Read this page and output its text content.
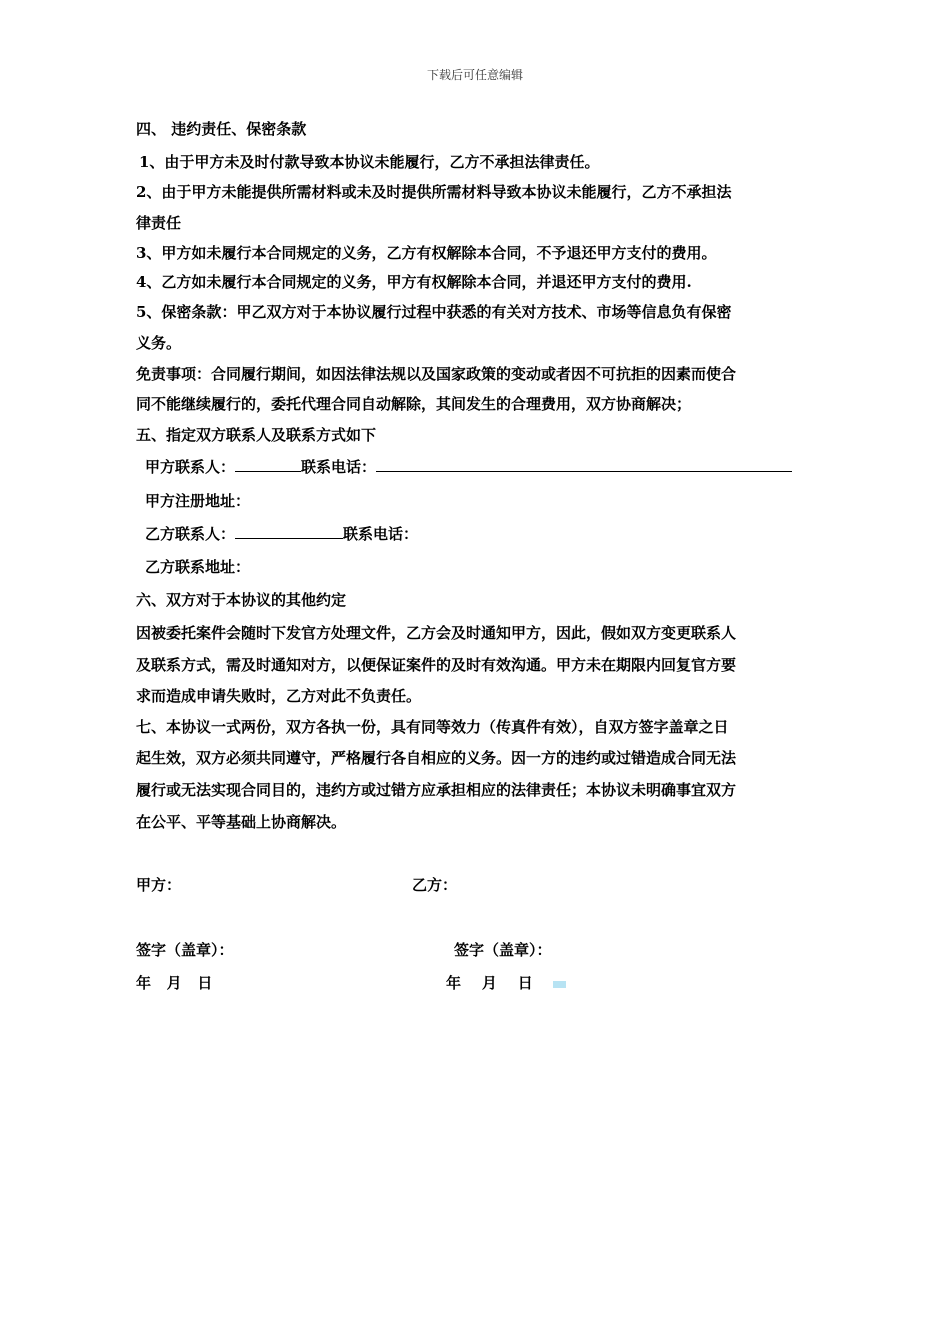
下载后可任意编辑
四、 违约责任、保密条款
1、由于甲方未及时付款导致本协议未能履行，乙方不承担法律责任。
2、由于甲方未能提供所需材料或未及时提供所需材料导致本协议未能履行，乙方不承担法
律责任
3、甲方如未履行本合同规定的义务，乙方有权解除本合同，不予退还甲方支付的费用。
4、乙方如未履行本合同规定的义务，甲方有权解除本合同，并退还甲方支付的费用.
5、保密条款：甲乙双方对于本协议履行过程中获悉的有关对方技术、市场等信息负有保密
义务。
免责事项：合同履行期间，如因法律法规以及国家政策的变动或者因不可抗拒的因素而使合
同不能继续履行的，委托代理合同自动解除，其间发生的合理费用，双方协商解决；
五、指定双方联系人及联系方式如下
甲方联系人：	联系电话：
甲方注册地址：
乙方联系人：	联系电话：
乙方联系地址：
六、双方对于本协议的其他约定
因被委托案件会随时下发官方处理文件，乙方会及时通知甲方，因此，假如双方变更联系人
及联系方式，需及时通知对方，以便保证案件的及时有效沟通。甲方未在期限内回复官方要
求而造成申请失败时，乙方对此不负责任。
七、本协议一式两份，双方各执一份，具有同等效力（传真件有效），自双方签字盖章之日
起生效，双方必须共同遵守，严格履行各自相应的义务。因一方的违约或过错造成合同无法
履行或无法实现合同目的，违约方或过错方应承担相应的法律责任；本协议未明确事宜双方
在公平、平等基础上协商解决。
甲方：	乙方：
签字（盖章）：	签字（盖章）：
年   月   日	年    月    日
